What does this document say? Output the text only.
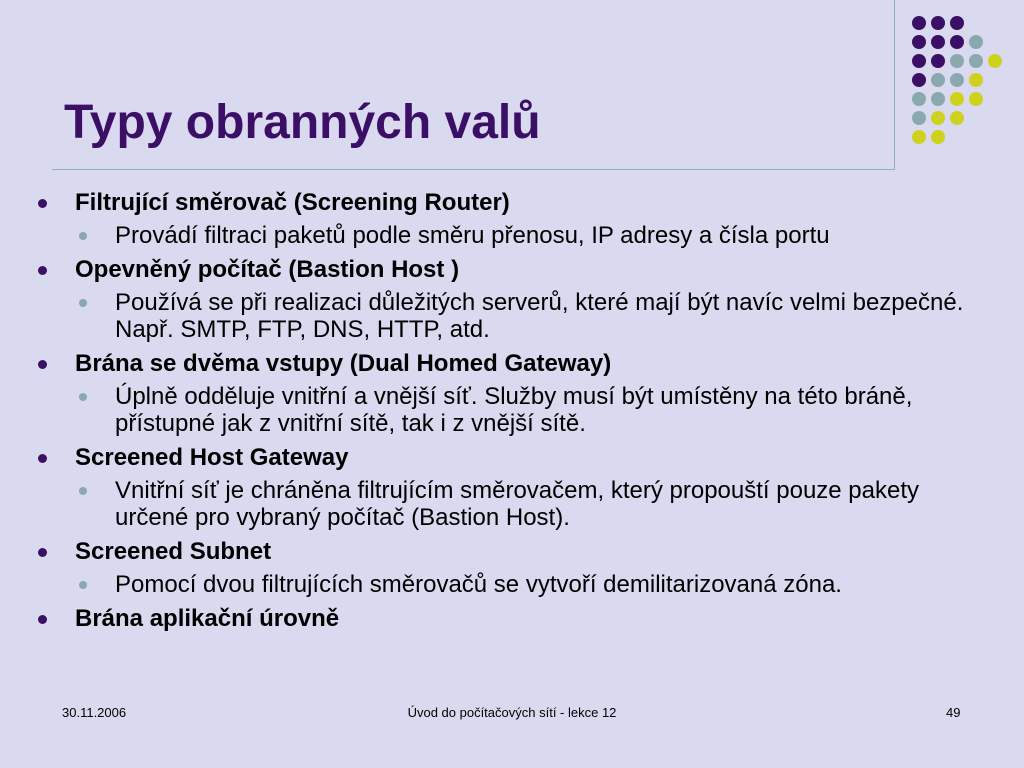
Typy obranných valů
Filtrující směrovač (Screening Router)
Provádí filtraci paketů podle směru přenosu, IP adresy a čísla portu
Opevněný počítač (Bastion Host )
Používá se při realizaci důležitých serverů, které mají být navíc velmi bezpečné. Např. SMTP, FTP, DNS, HTTP, atd.
Brána se dvěma vstupy (Dual Homed Gateway)
Úplně odděluje vnitřní a vnější síť. Služby musí být umístěny na této bráně, přístupné jak z vnitřní sítě, tak i z vnější sítě.
Screened Host Gateway
Vnitřní síť je chráněna filtrujícím směrovačem, který propouští pouze pakety určené pro vybraný počítač (Bastion Host).
Screened Subnet
Pomocí dvou filtrujících směrovačů se vytvoří demilitarizovaná zóna.
Brána aplikační úrovně
30.11.2006	Úvod do počítačových sítí - lekce 12	49
